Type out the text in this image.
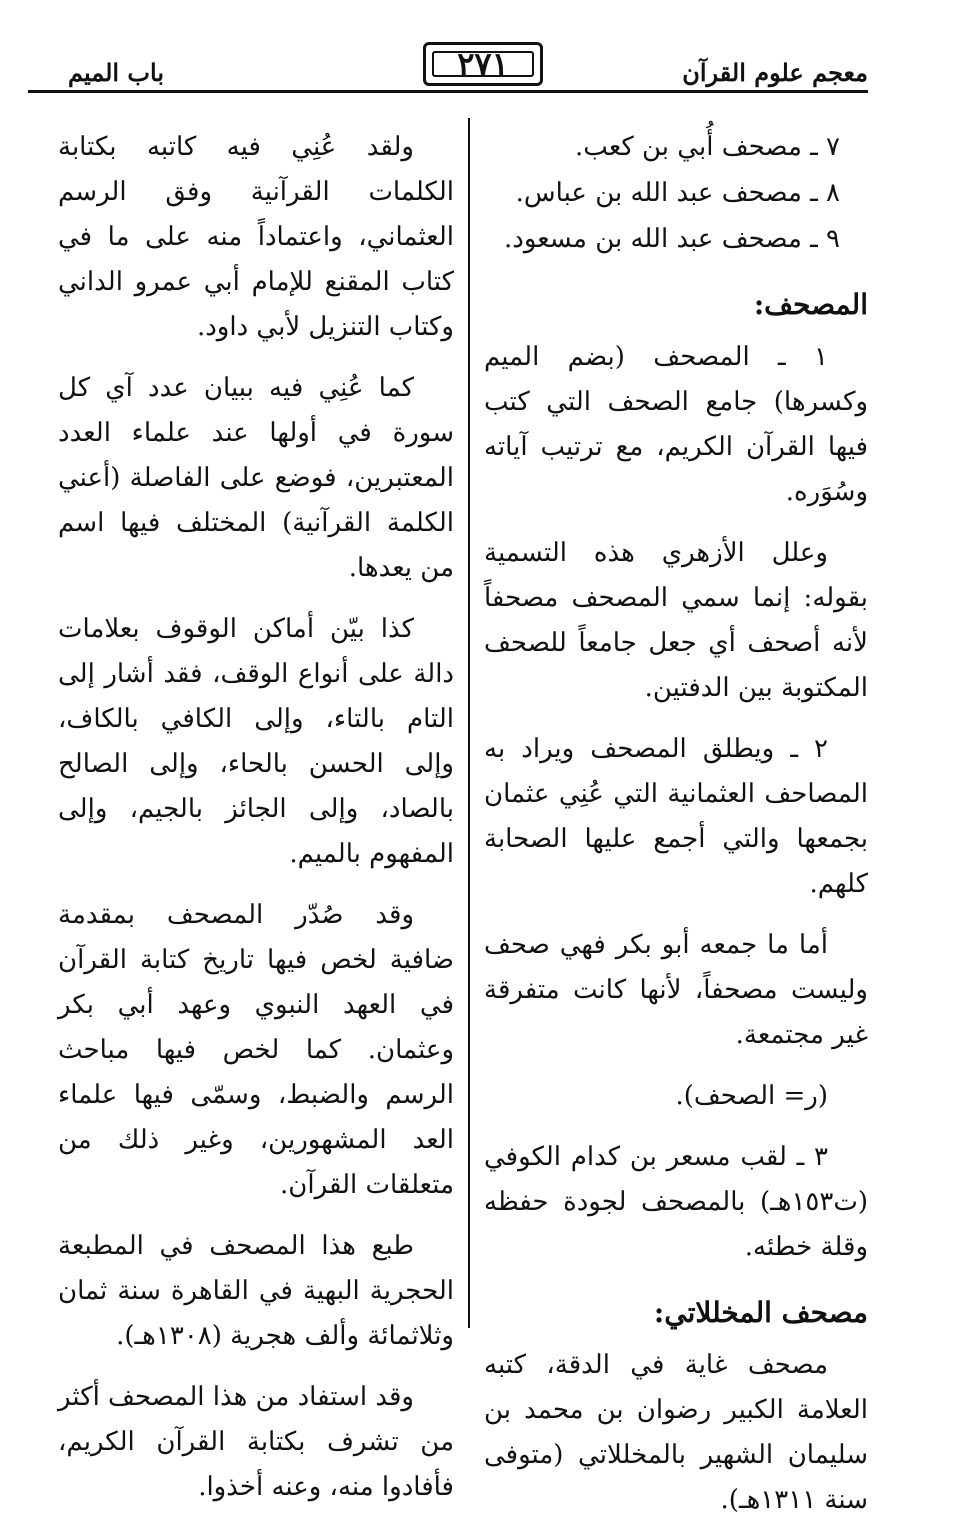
معجم علوم القرآن
باب الميم	٢٧١
٧ ـ مصحف أُبي بن كعب.
٨ ـ مصحف عبد الله بن عباس.
٩ ـ مصحف عبد الله بن مسعود.
المصحف:

١ ـ المصحف (بضم الميم وكسرها) جامع الصحف التي كتب فيها القرآن الكريم، مع ترتيب آياته وسُوَره.

وعلل الأزهري هذه التسمية بقوله: إنما سمي المصحف مصحفاً لأنه أصحف أي جعل جامعاً للصحف المكتوبة بين الدفتين.

٢ ـ ويطلق المصحف ويراد به المصاحف العثمانية التي عُنِي عثمان بجمعها والتي أجمع عليها الصحابة كلهم.

أما ما جمعه أبو بكر فهي صحف وليست مصحفاً، لأنها كانت متفرقة غير مجتمعة.

(ر= الصحف).

٣ ـ لقب مسعر بن كدام الكوفي (ت١٥٣هـ) بالمصحف لجودة حفظه وقلة خطئه.

مصحف المخللاتي:

مصحف غاية في الدقة، كتبه العلامة الكبير رضوان بن محمد بن سليمان الشهير بالمخللاتي (متوفى سنة ١٣١١هـ).

ولقد عُنِي فيه كاتبه بكتابة الكلمات القرآنية وفق الرسم العثماني، واعتماداً منه على ما في كتاب المقنع للإمام أبي عمرو الداني وكتاب التنزيل لأبي داود.

كما عُنِي فيه ببيان عدد آي كل سورة في أولها عند علماء العدد المعتبرين، فوضع على الفاصلة (أعني الكلمة القرآنية) المختلف فيها اسم من يعدها.

كذا بيّن أماكن الوقوف بعلامات دالة على أنواع الوقف، فقد أشار إلى التام بالتاء، وإلى الكافي بالكاف، وإلى الحسن بالحاء، وإلى الصالح بالصاد، وإلى الجائز بالجيم، وإلى المفهوم بالميم.

وقد صُدّر المصحف بمقدمة ضافية لخص فيها تاريخ كتابة القرآن في العهد النبوي وعهد أبي بكر وعثمان. كما لخص فيها مباحث الرسم والضبط، وسمّى فيها علماء العد المشهورين، وغير ذلك من متعلقات القرآن.

طبع هذا المصحف في المطبعة الحجرية البهية في القاهرة سنة ثمان وثلاثمائة وألف هجرية (١٣٠٨هـ).

وقد استفاد من هذا المصحف أكثر من تشرف بكتابة القرآن الكريم، فأفادوا منه، وعنه أخذوا.
